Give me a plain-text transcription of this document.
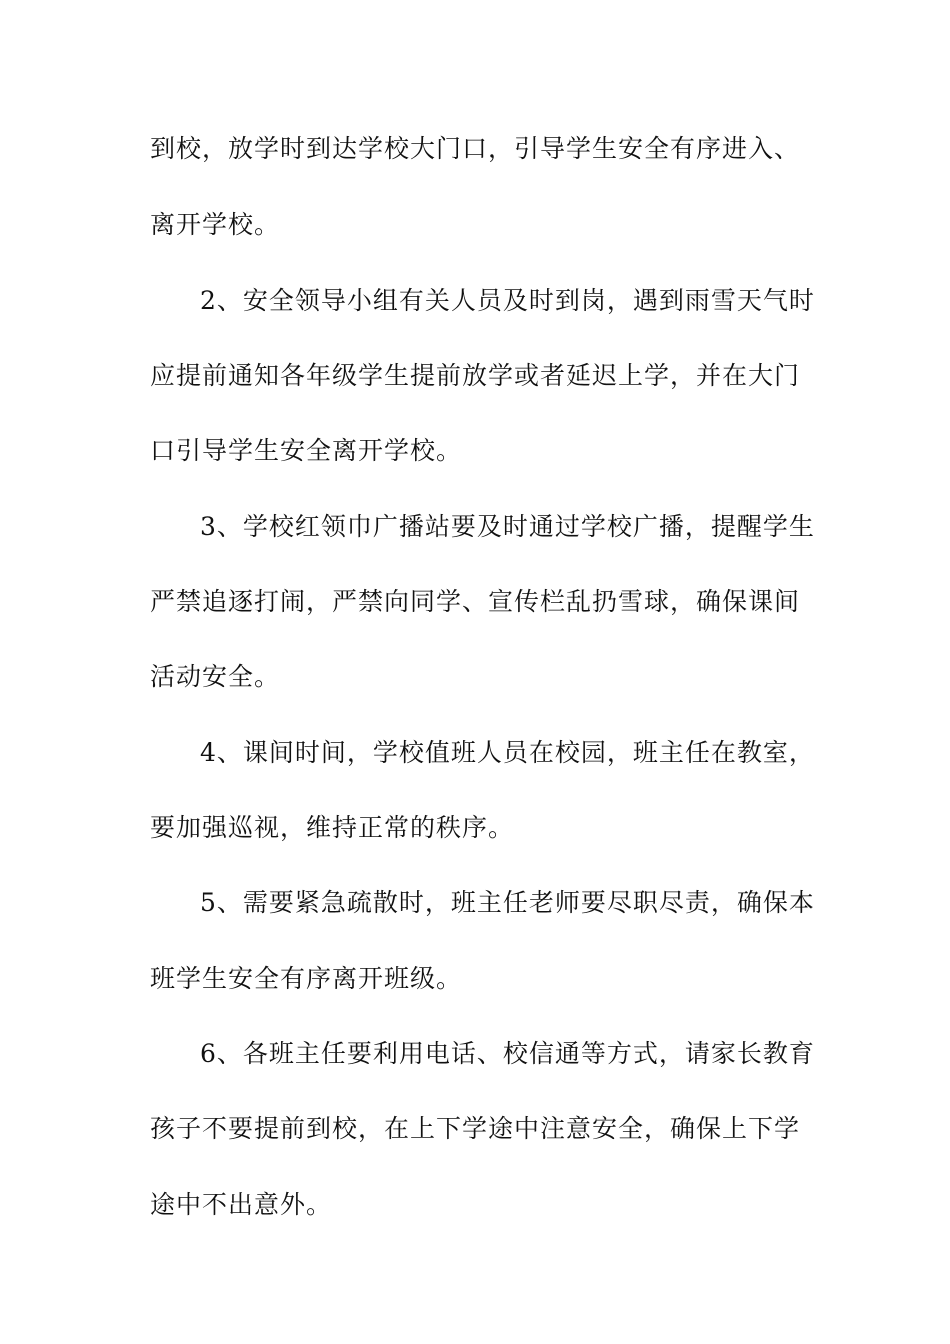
到校，放学时到达学校大门口，引导学生安全有序进入、

离开学校。

2、安全领导小组有关人员及时到岗，遇到雨雪天气时

应提前通知各年级学生提前放学或者延迟上学，并在大门

口引导学生安全离开学校。

3、学校红领巾广播站要及时通过学校广播，提醒学生

严禁追逐打闹，严禁向同学、宣传栏乱扔雪球，确保课间

活动安全。

4、课间时间，学校值班人员在校园，班主任在教室，

要加强巡视，维持正常的秩序。

5、需要紧急疏散时，班主任老师要尽职尽责，确保本

班学生安全有序离开班级。

6、各班主任要利用电话、校信通等方式，请家长教育

孩子不要提前到校，在上下学途中注意安全，确保上下学

途中不出意外。
